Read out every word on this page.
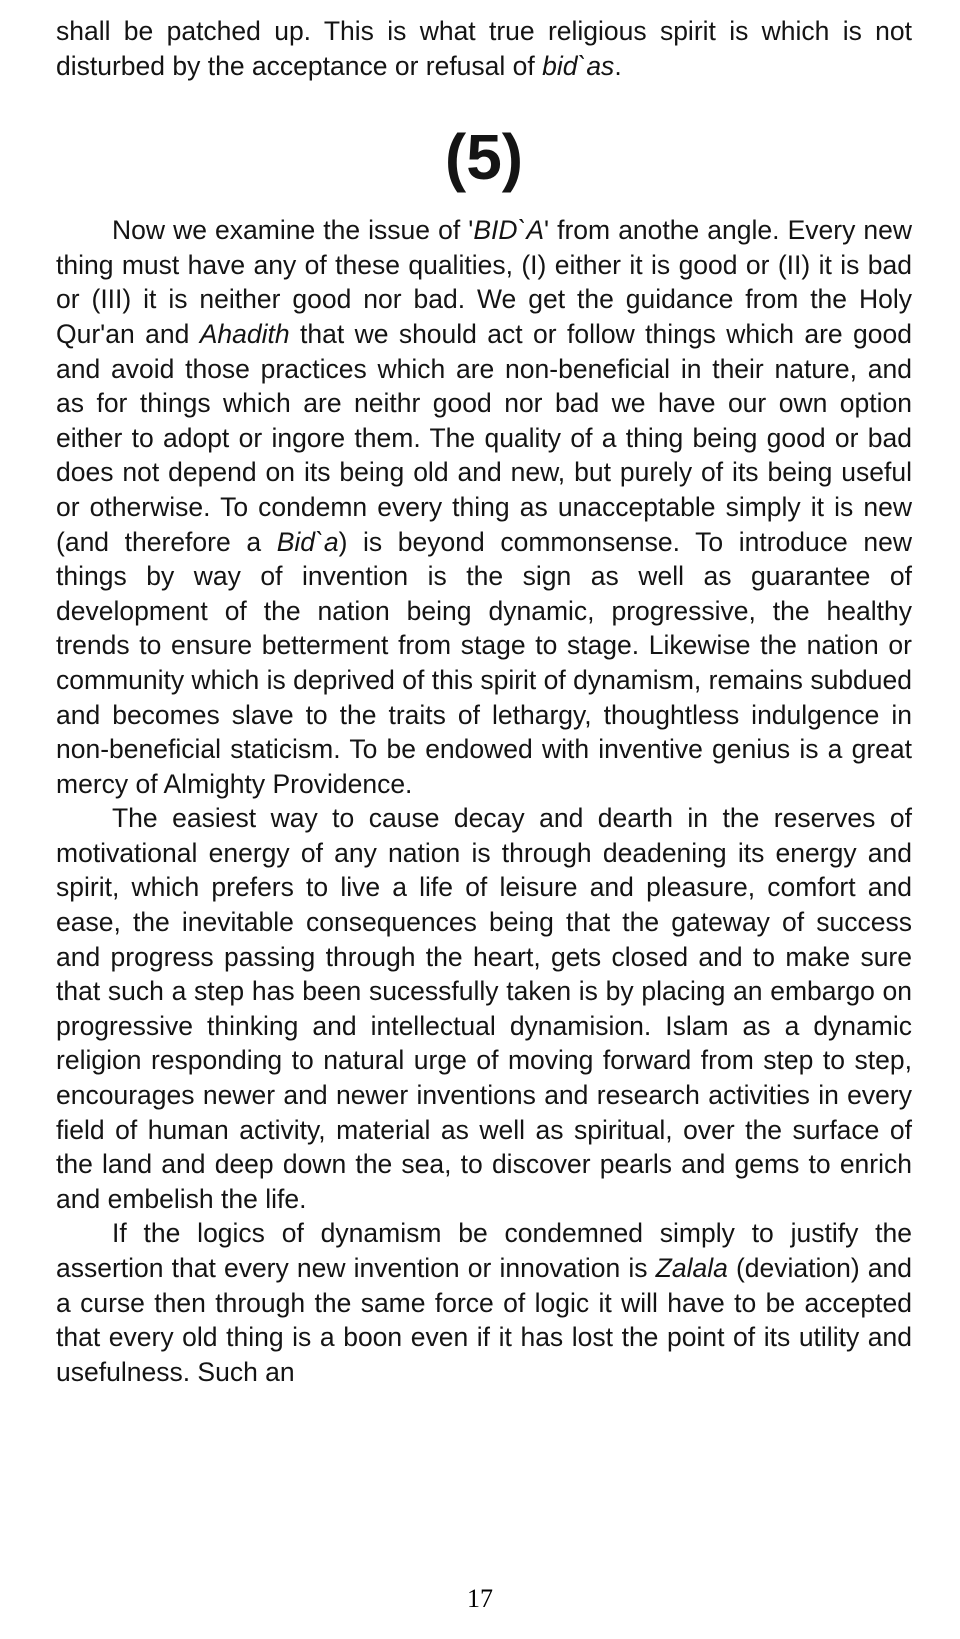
shall be patched up. This is what true religious spirit is which is not disturbed by the acceptance or refusal of bid`as.

(5)

Now we examine the issue of 'BID`A' from anothe angle. Every new thing must have any of these qualities, (I) either it is good or (II) it is bad or (III) it is neither good nor bad. We get the guidance from the Holy Qur'an and Ahadith that we should act or follow things which are good and avoid those practices which are non-beneficial in their nature, and as for things which are neithr good nor bad we have our own option either to adopt or ingore them. The quality of a thing being good or bad does not depend on its being old and new, but purely of its being useful or otherwise. To condemn every thing as unacceptable simply it is new (and therefore a Bid`a) is beyond commonsense. To introduce new things by way of invention is the sign as well as guarantee of development of the nation being dynamic, progressive, the healthy trends to ensure betterment from stage to stage. Likewise the nation or community which is deprived of this spirit of dynamism, remains subdued and becomes slave to the traits of lethargy, thoughtless indulgence in non-beneficial staticism. To be endowed with inventive genius is a great mercy of Almighty Providence.

The easiest way to cause decay and dearth in the reserves of motivational energy of any nation is through deadening its energy and spirit, which prefers to live a life of leisure and pleasure, comfort and ease, the inevitable consequences being that the gateway of success and progress passing through the heart, gets closed and to make sure that such a step has been sucessfully taken is by placing an embargo on progressive thinking and intellectual dynamision. Islam as a dynamic religion responding to natural urge of moving forward from step to step, encourages newer and newer inventions and research activities in every field of human activity, material as well as spiritual, over the surface of the land and deep down the sea, to discover pearls and gems to enrich and embelish the life.

If the logics of dynamism be condemned simply to justify the assertion that every new invention or innovation is Zalala (deviation) and a curse then through the same force of logic it will have to be accepted that every old thing is a boon even if it has lost the point of its utility and usefulness. Such an

17
